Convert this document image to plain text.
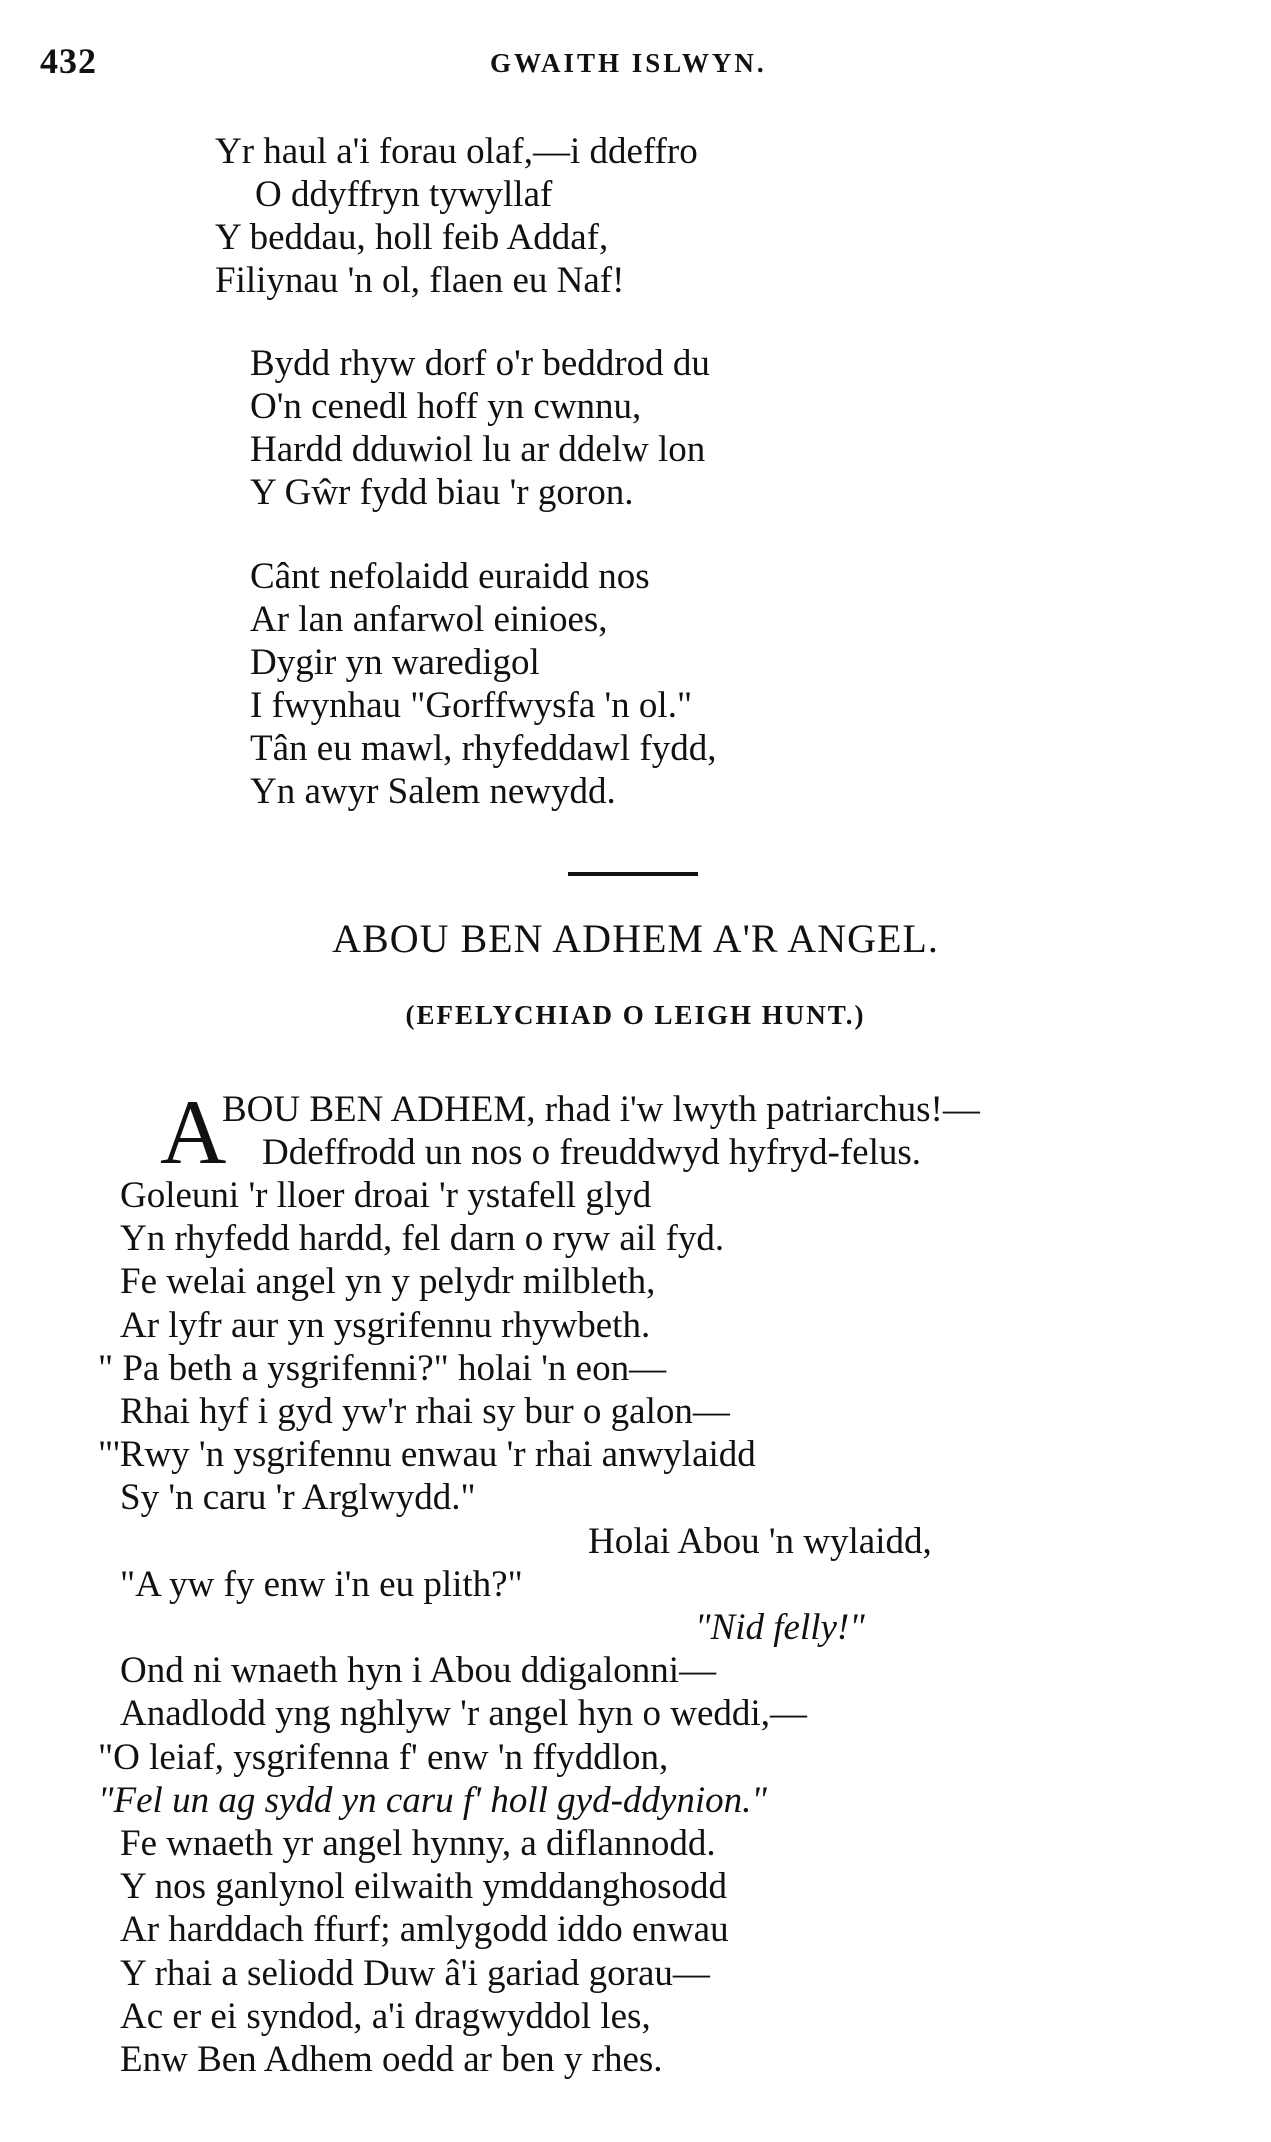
432	GWAITH ISLWYN.
Yr haul a'i forau olaf,—i ddeffro
O ddyffryn tywyllaf
Y beddau, holl feib Addaf,
Filiynau 'n ol, flaen eu Naf!
Bydd rhyw dorf o'r beddrod du
O'n cenedl hoff yn cwnnu,
Hardd dduwiol lu ar ddelw lon
Y Gŵr fydd biau 'r goron.
Cânt nefolaidd euraidd nos
Ar lan anfarwol einioes,
Dygir yn waredigol
I fwynhau "Gorffwysfa 'n ol."
Tân eu mawl, rhyfeddawl fydd,
Yn awyr Salem newydd.
ABOU BEN ADHEM A'R ANGEL.
(EFELYCHIAD O LEIGH HUNT.)
A
BOU BEN ADHEM, rhad i'w lwyth patriarchus!—
Ddeffrodd un nos o freuddwyd hyfryd-felus.
Goleuni 'r lloer droai 'r ystafell glyd
Yn rhyfedd hardd, fel darn o ryw ail fyd.
Fe welai angel yn y pelydr milbleth,
Ar lyfr aur yn ysgrifennu rhywbeth.
" Pa beth a ysgrifenni?" holai 'n eon—
Rhai hyf i gyd yw'r rhai sy bur o galon—
"'Rwy 'n ysgrifennu enwau 'r rhai anwylaidd
Sy 'n caru 'r Arglwydd."
Holai Abou 'n wylaidd,
"A yw fy enw i'n eu plith?"
"Nid felly!"
Ond ni wnaeth hyn i Abou ddigalonni—
Anadlodd yng nghlyw 'r angel hyn o weddi,—
"O leiaf, ysgrifenna f' enw 'n ffyddlon,
"Fel un ag sydd yn caru f' holl gyd-ddynion."
Fe wnaeth yr angel hynny, a diflannodd.
Y nos ganlynol eilwaith ymddanghosodd
Ar harddach ffurf; amlygodd iddo enwau
Y rhai a seliodd Duw â'i gariad gorau—
Ac er ei syndod, a'i dragwyddol les,
Enw Ben Adhem oedd ar ben y rhes.
